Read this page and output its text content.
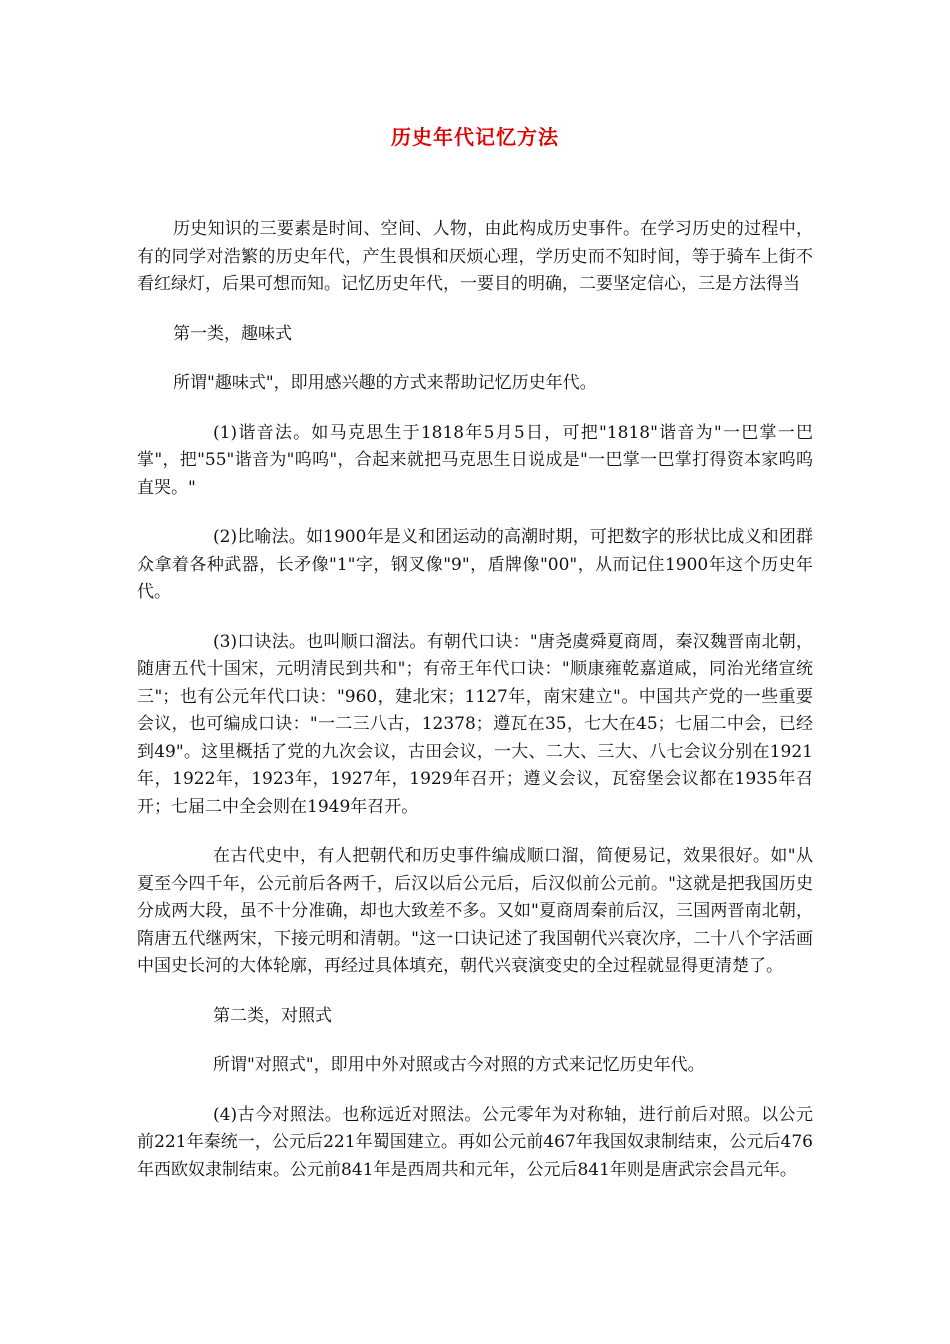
历史年代记忆方法

历史知识的三要素是时间、空间、人物，由此构成历史事件。在学习历史的过程中，有的同学对浩繁的历史年代，产生畏惧和厌烦心理，学历史而不知时间，等于骑车上街不看红绿灯，后果可想而知。记忆历史年代，一要目的明确，二要坚定信心，三是方法得当

第一类，趣味式

所谓"趣味式"，即用感兴趣的方式来帮助记忆历史年代。

(1)谐音法。如马克思生于1818年5月5日，可把"1818"谐音为"一巴掌一巴掌"，把"55"谐音为"呜呜"，合起来就把马克思生日说成是"一巴掌一巴掌打得资本家呜呜直哭。"

(2)比喻法。如1900年是义和团运动的高潮时期，可把数字的形状比成义和团群众拿着各种武器，长矛像"1"字，钢叉像"9"，盾牌像"00"，从而记住1900年这个历史年代。

(3)口诀法。也叫顺口溜法。有朝代口诀："唐尧虞舜夏商周，秦汉魏晋南北朝，随唐五代十国宋，元明清民到共和"；有帝王年代口诀："顺康雍乾嘉道咸，同治光绪宣统三"；也有公元年代口诀："960，建北宋；1127年，南宋建立"。中国共产党的一些重要会议，也可编成口诀："一二三八古，12378；遵瓦在35，七大在45；七届二中会，已经到49"。这里概括了党的九次会议，古田会议，一大、二大、三大、八七会议分别在1921年，1922年，1923年，1927年，1929年召开；遵义会议，瓦窑堡会议都在1935年召开；七届二中全会则在1949年召开。

在古代史中，有人把朝代和历史事件编成顺口溜，简便易记，效果很好。如"从夏至今四千年，公元前后各两千，后汉以后公元后，后汉似前公元前。"这就是把我国历史分成两大段，虽不十分准确，却也大致差不多。又如"夏商周秦前后汉，三国两晋南北朝，隋唐五代继两宋，下接元明和清朝。"这一口诀记述了我国朝代兴衰次序，二十八个字活画中国史长河的大体轮廓，再经过具体填充，朝代兴衰演变史的全过程就显得更清楚了。

第二类，对照式

所谓"对照式"，即用中外对照或古今对照的方式来记忆历史年代。

(4)古今对照法。也称远近对照法。公元零年为对称轴，进行前后对照。以公元前221年秦统一，公元后221年蜀国建立。再如公元前467年我国奴隶制结束，公元后476年西欧奴隶制结束。公元前841年是西周共和元年，公元后841年则是唐武宗会昌元年。
